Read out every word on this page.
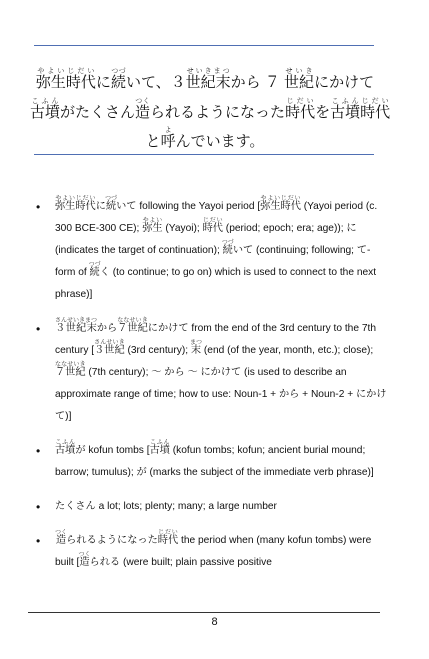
弥生時代やよいじだいに続つづいて、３世紀末せいきまつから ７ 世紀せいきにかけて
古墳こふんがたくさん造つくられるようになった時代じだいを古墳時代こふんじだい
と呼よんでいます。
•	弥生時代やよいじだいに続つづいて following the Yayoi period [弥生時代やよいじだい (Yayoi period (c. 300 BCE-300 CE); 弥生やよい (Yayoi); 時代じだい (period; epoch; era; age)); に (indicates the target of continuation); 続つづいて (continuing; following; て-form of 続つづく (to continue; to go on) which is used to connect to the next phrase)]
•	３世紀末さんせいきまつから７世紀ななせいきにかけて from the end of the 3rd century to the 7th century [３世紀さんせいき (3rd century); 末まつ (end (of the year, month, etc.); close); ７世紀ななせいき (7th century); ～ から ～ にかけて (is used to describe an approximate range of time; how to use: Noun-1 + から + Noun-2 + にかけて)]
•	古墳こふんが kofun tombs [古墳こふん (kofun tombs; kofun; ancient burial mound; barrow; tumulus); が (marks the subject of the immediate verb phrase)]
•	たくさん a lot; lots; plenty; many; a large number
•	造つくられるようになった時代じだい the period when (many kofun tombs) were built [造つくられる (were built; plain passive positive
8
